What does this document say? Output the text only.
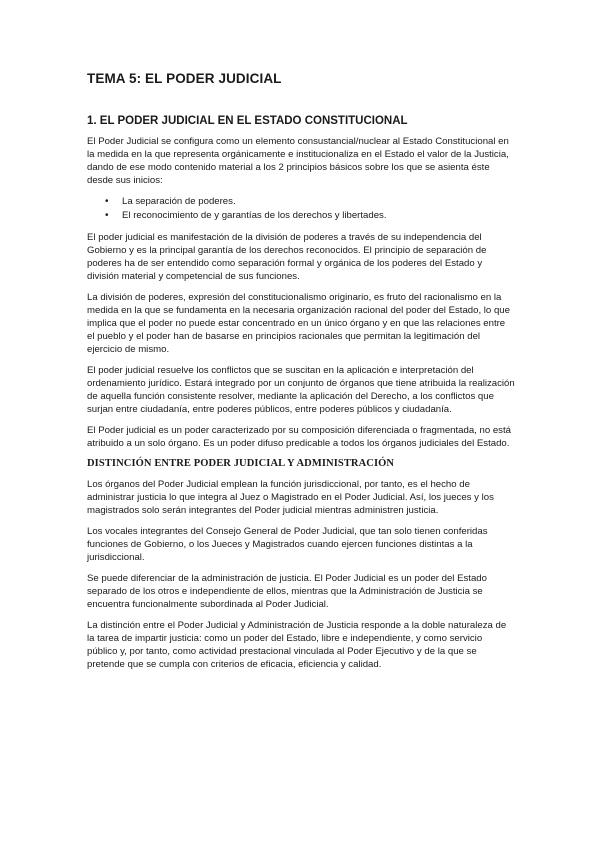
TEMA 5: EL PODER JUDICIAL
1. EL PODER JUDICIAL EN EL ESTADO CONSTITUCIONAL

El Poder Judicial se configura como un elemento consustancial/nuclear al Estado Constitucional en la medida en la que representa orgánicamente e institucionaliza en el Estado el valor de la Justicia, dando de ese modo contenido material a los 2 principios básicos sobre los que se asienta éste desde sus inicios:

• La separación de poderes.
• El reconocimiento de y garantías de los derechos y libertades.

El poder judicial es manifestación de la división de poderes a través de su independencia del Gobierno y es la principal garantía de los derechos reconocidos. El principio de separación de poderes ha de ser entendido como separación formal y orgánica de los poderes del Estado y división material y competencial de sus funciones.

La división de poderes, expresión del constitucionalismo originario, es fruto del racionalismo en la medida en la que se fundamenta en la necesaria organización racional del poder del Estado, lo que implica que el poder no puede estar concentrado en un único órgano y en que las relaciones entre el pueblo y el poder han de basarse en principios racionales que permitan la legitimación del ejercicio de mismo.

El poder judicial resuelve los conflictos que se suscitan en la aplicación e interpretación del ordenamiento jurídico. Estará integrado por un conjunto de órganos que tiene atribuida la realización de aquella función consistente resolver, mediante la aplicación del Derecho, a los conflictos que surjan entre ciudadanía, entre poderes públicos, entre poderes públicos y ciudadanía.

El Poder judicial es un poder caracterizado por su composición diferenciada o fragmentada, no está atribuido a un solo órgano. Es un poder difuso predicable a todos los órganos judiciales del Estado.

DISTINCIÓN ENTRE PODER JUDICIAL Y ADMINISTRACIÓN

Los órganos del Poder Judicial emplean la función jurisdiccional, por tanto, es el hecho de administrar justicia lo que integra al Juez o Magistrado en el Poder Judicial. Así, los jueces y los magistrados solo serán integrantes del Poder judicial mientras administren justicia.

Los vocales integrantes del Consejo General de Poder Judicial, que tan solo tienen conferidas funciones de Gobierno, o los Jueces y Magistrados cuando ejercen funciones distintas a la jurisdiccional.

Se puede diferenciar de la administración de justicia. El Poder Judicial es un poder del Estado separado de los otros e independiente de ellos, mientras que la Administración de Justicia se encuentra funcionalmente subordinada al Poder Judicial.

La distinción entre el Poder Judicial y Administración de Justicia responde a la doble naturaleza de la tarea de impartir justicia: como un poder del Estado, libre e independiente, y como servicio público y, por tanto, como actividad prestacional vinculada al Poder Ejecutivo y de la que se pretende que se cumpla con criterios de eficacia, eficiencia y calidad.
